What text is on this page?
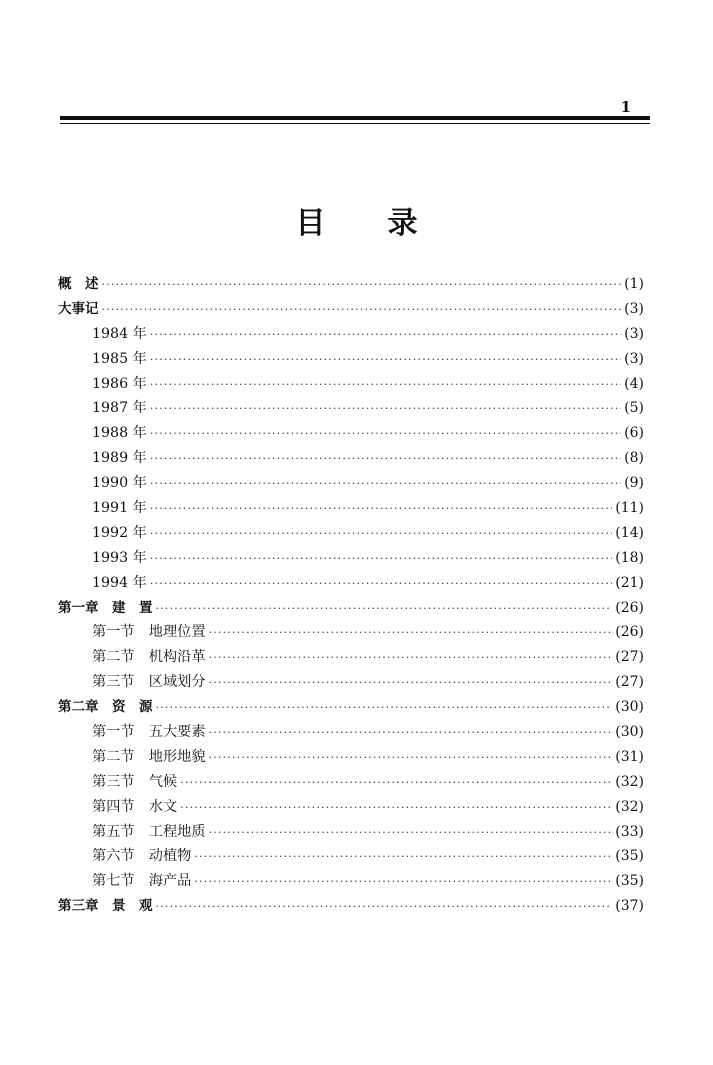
1
目 录
概　述 ·····	(1)
大事记 ·····	(3)
1984 年 ·····	(3)
1985 年 ·····	(3)
1986 年 ·····	(4)
1987 年 ·····	(5)
1988 年 ·····	(6)
1989 年 ·····	(8)
1990 年 ·····	(9)
1991 年 ·····	(11)
1992 年 ·····	(14)
1993 年 ·····	(18)
1994 年 ·····	(21)
第一章　建　置 ·····	(26)
第一节　地理位置 ·····	(26)
第二节　机构沿革 ·····	(27)
第三节　区域划分 ·····	(27)
第二章　资　源 ·····	(30)
第一节　五大要素 ·····	(30)
第二节　地形地貌 ·····	(31)
第三节　气候 ·····	(32)
第四节　水文 ·····	(32)
第五节　工程地质 ·····	(33)
第六节　动植物 ·····	(35)
第七节　海产品 ·····	(35)
第三章　景　观 ·····	(37)
